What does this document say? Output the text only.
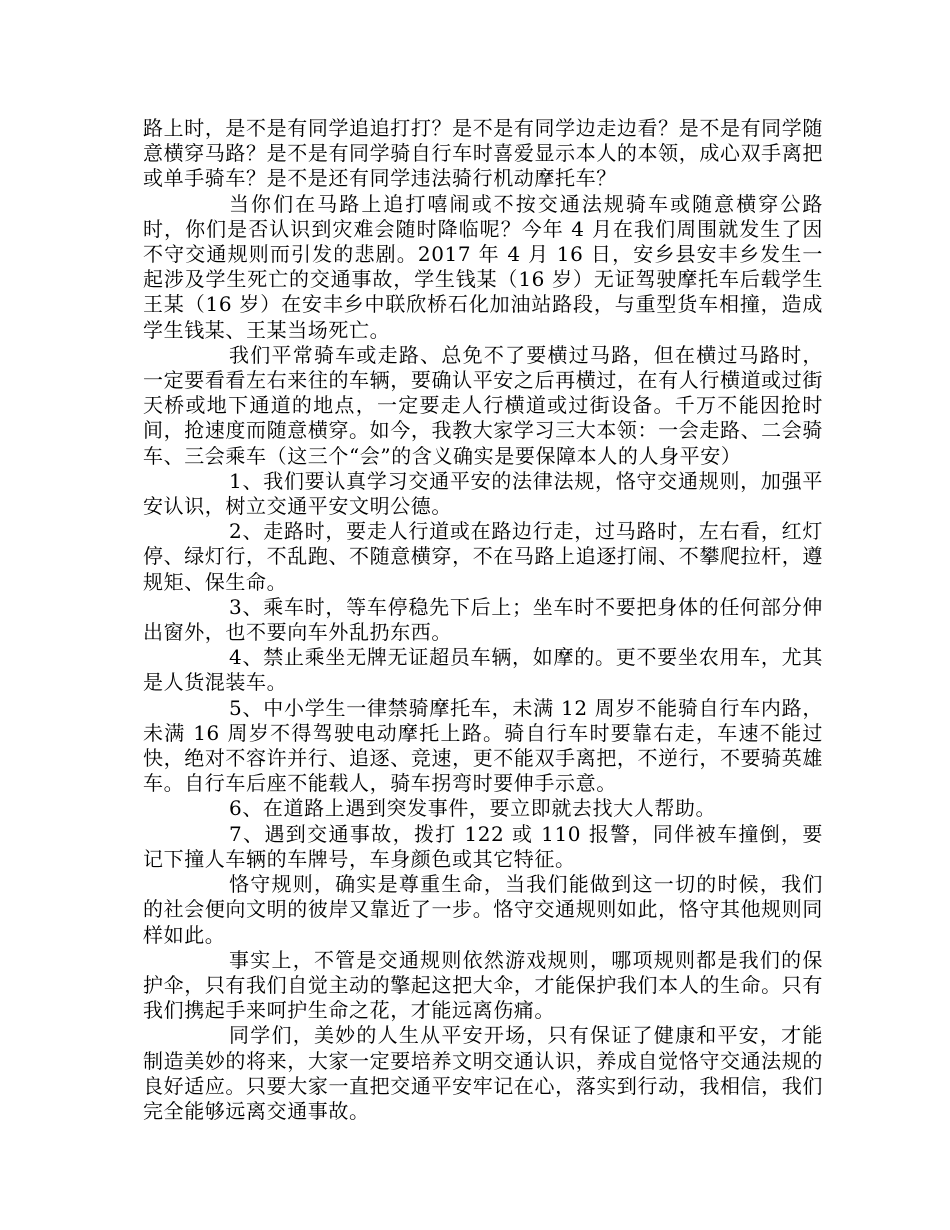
路上时，是不是有同学追追打打？是不是有同学边走边看？是不是有同学随意横穿马路？是不是有同学骑自行车时喜爱显示本人的本领，成心双手离把或单手骑车？是不是还有同学违法骑行机动摩托车？

当你们在马路上追打嘻闹或不按交通法规骑车或随意横穿公路时，你们是否认识到灾难会随时降临呢？今年 4 月在我们周围就发生了因不守交通规则而引发的悲剧。2017 年 4 月 16 日，安乡县安丰乡发生一起涉及学生死亡的交通事故，学生钱某（16 岁）无证驾驶摩托车后载学生王某（16 岁）在安丰乡中联欣桥石化加油站路段，与重型货车相撞，造成学生钱某、王某当场死亡。

我们平常骑车或走路、总免不了要横过马路，但在横过马路时，一定要看看左右来往的车辆，要确认平安之后再横过，在有人行横道或过街天桥或地下通道的地点，一定要走人行横道或过街设备。千万不能因抢时间，抢速度而随意横穿。如今，我教大家学习三大本领：一会走路、二会骑车、三会乘车（这三个“会”的含义确实是要保障本人的人身平安）

1、我们要认真学习交通平安的法律法规，恪守交通规则，加强平安认识，树立交通平安文明公德。

2、走路时，要走人行道或在路边行走，过马路时，左右看，红灯停、绿灯行，不乱跑、不随意横穿，不在马路上追逐打闹、不攀爬拉杆，遵规矩、保生命。

3、乘车时，等车停稳先下后上；坐车时不要把身体的任何部分伸出窗外，也不要向车外乱扔东西。

4、禁止乘坐无牌无证超员车辆，如摩的。更不要坐农用车，尤其是人货混装车。

5、中小学生一律禁骑摩托车，未满 12 周岁不能骑自行车内路，未满 16 周岁不得驾驶电动摩托上路。骑自行车时要靠右走，车速不能过快，绝对不容许并行、追逐、竞速，更不能双手离把，不逆行，不要骑英雄车。自行车后座不能载人，骑车拐弯时要伸手示意。

6、在道路上遇到突发事件，要立即就去找大人帮助。

7、遇到交通事故，拨打 122 或 110 报警，同伴被车撞倒，要记下撞人车辆的车牌号，车身颜色或其它特征。

恪守规则，确实是尊重生命，当我们能做到这一切的时候，我们的社会便向文明的彼岸又靠近了一步。恪守交通规则如此，恪守其他规则同样如此。

事实上，不管是交通规则依然游戏规则，哪项规则都是我们的保护伞，只有我们自觉主动的擎起这把大伞，才能保护我们本人的生命。只有我们携起手来呵护生命之花，才能远离伤痛。

同学们，美妙的人生从平安开场，只有保证了健康和平安，才能制造美妙的将来，大家一定要培养文明交通认识，养成自觉恪守交通法规的良好适应。只要大家一直把交通平安牢记在心，落实到行动，我相信，我们完全能够远离交通事故。
